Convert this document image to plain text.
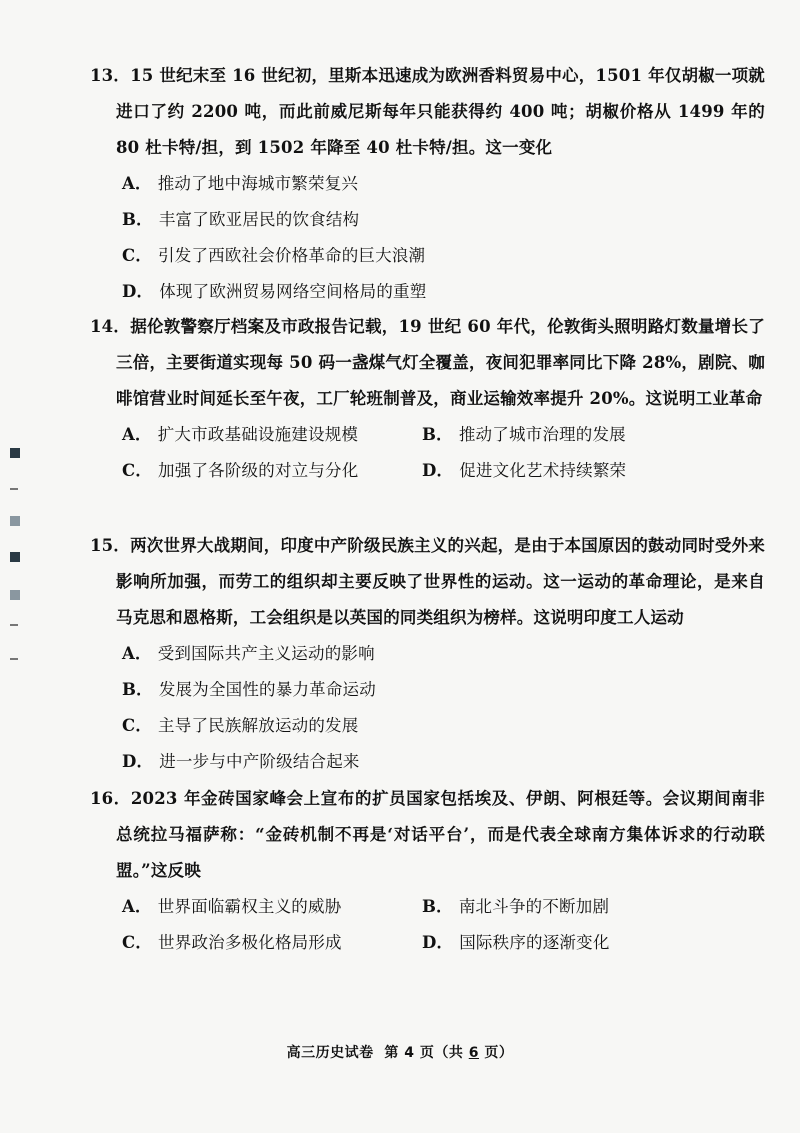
13．15 世纪末至 16 世纪初，里斯本迅速成为欧洲香料贸易中心，1501 年仅胡椒一项就进口了约 2200 吨，而此前威尼斯每年只能获得约 400 吨；胡椒价格从 1499 年的 80 杜卡特/担，到 1502 年降至 40 杜卡特/担。这一变化

A． 推动了地中海城市繁荣复兴
B． 丰富了欧亚居民的饮食结构
C． 引发了西欧社会价格革命的巨大浪潮
D． 体现了欧洲贸易网络空间格局的重塑

14．据伦敦警察厅档案及市政报告记载，19 世纪 60 年代，伦敦街头照明路灯数量增长了三倍，主要街道实现每 50 码一盏煤气灯全覆盖，夜间犯罪率同比下降 28%，剧院、咖啡馆营业时间延长至午夜，工厂轮班制普及，商业运输效率提升 20%。这说明工业革命

A． 扩大市政基础设施建设规模	B． 推动了城市治理的发展
C． 加强了各阶级的对立与分化	D． 促进文化艺术持续繁荣

15．两次世界大战期间，印度中产阶级民族主义的兴起，是由于本国原因的鼓动同时受外来影响所加强，而劳工的组织却主要反映了世界性的运动。这一运动的革命理论，是来自马克思和恩格斯，工会组织是以英国的同类组织为榜样。这说明印度工人运动

A． 受到国际共产主义运动的影响
B． 发展为全国性的暴力革命运动
C． 主导了民族解放运动的发展
D． 进一步与中产阶级结合起来

16．2023 年金砖国家峰会上宣布的扩员国家包括埃及、伊朗、阿根廷等。会议期间南非总统拉马福萨称：“金砖机制不再是‘对话平台’，而是代表全球南方集体诉求的行动联盟。”这反映

A． 世界面临霸权主义的威胁	B． 南北斗争的不断加剧
C． 世界政治多极化格局形成	D． 国际秩序的逐渐变化
高三历史试卷 第 4 页（共 6 页）
